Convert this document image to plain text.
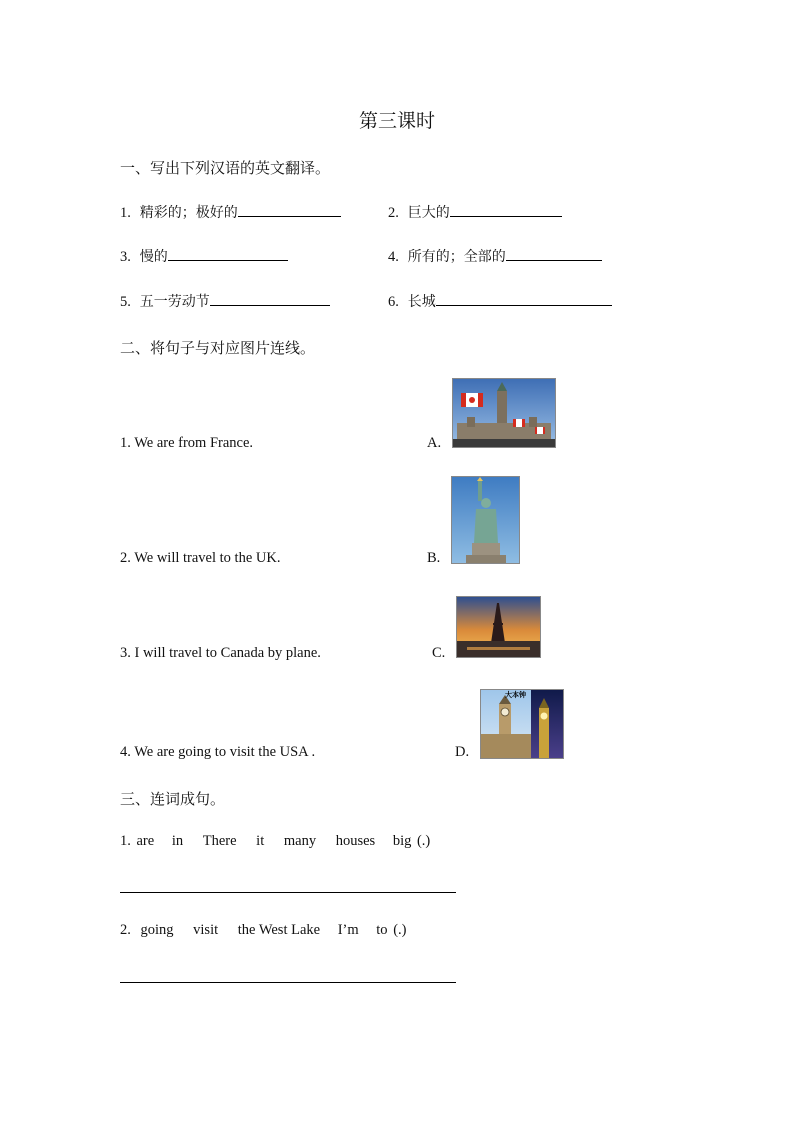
第三课时
一、写出下列汉语的英文翻译。
1. 精彩的；极好的	2. 巨大的
3. 慢的	4. 所有的；全部的
5. 五一劳动节	6. 长城
二、将句子与对应图片连线。
1. We are from France.	A.
2. We will travel to the UK.	B.
3. I will travel to Canada by plane.	C.
4. We are going to visit the USA .	D.
大本钟
三、连词成句。
1. are in There it many houses big (.)
2. going visit the West Lake I’m to (.)
